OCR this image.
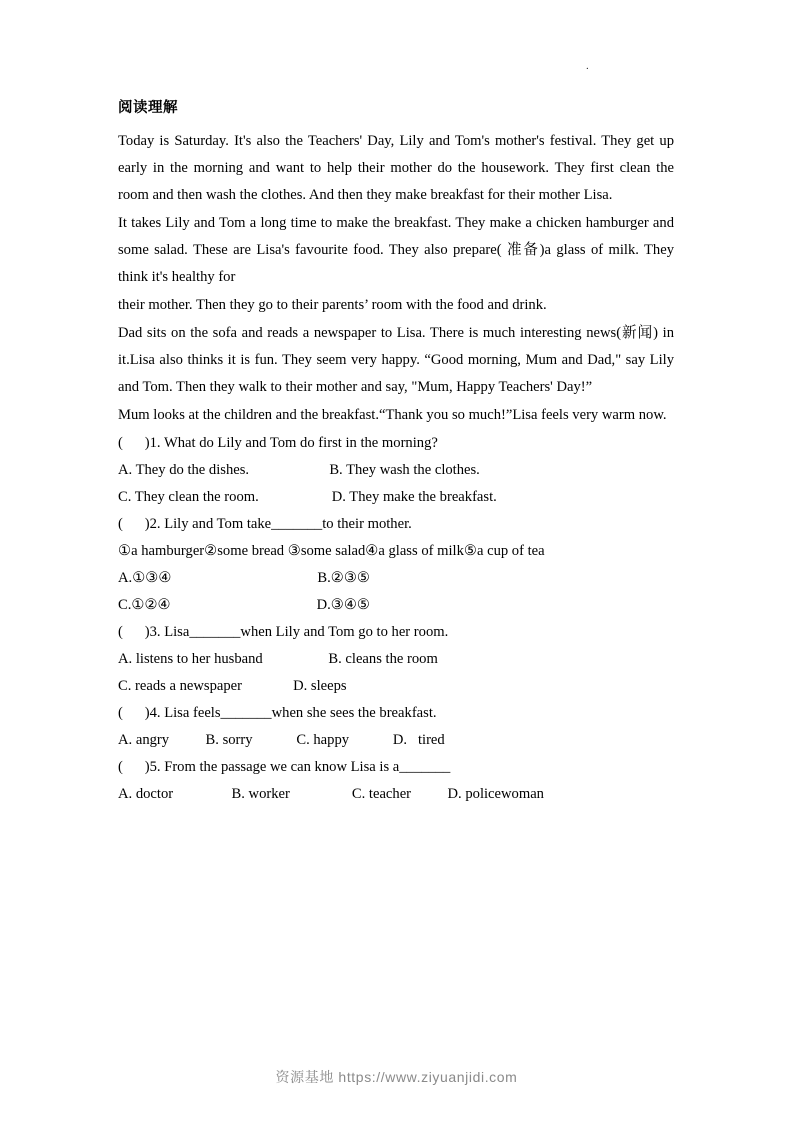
.
阅读理解

Today is Saturday. It's also the Teachers' Day, Lily and Tom's mother's festival. They get up early in the morning and want to help their mother do the housework. They first clean the room and then wash the clothes. And then they make breakfast for their mother Lisa.

It takes Lily and Tom a long time to make the breakfast. They make a chicken hamburger and some salad. These are Lisa's favourite food. They also prepare( 准备)a glass of milk. They think it's healthy for

their mother. Then they go to their parents’ room with the food and drink.

Dad sits on the sofa and reads a newspaper to Lisa. There is much interesting news(新闻) in it.Lisa also thinks it is fun. They seem very happy. “Good morning, Mum and Dad," say Lily and Tom. Then they walk to their mother and say, "Mum, Happy Teachers' Day!”

Mum looks at the children and the breakfast.“Thank you so much!”Lisa feels very warm now.

(      )1. What do Lily and Tom do first in the morning?
A. They do the dishes.                      B. They wash the clothes.
C. They clean the room.                    D. They make the breakfast.
(      )2. Lily and Tom take_______to their mother.
①a hamburger②some bread ③some salad④a glass of milk⑤a cup of tea
A.①③④                                        B.②③⑤
C.①②④                                        D.③④⑤
(      )3. Lisa_______when Lily and Tom go to her room.
A. listens to her husband                  B. cleans the room
C. reads a newspaper              D. sleeps
(      )4. Lisa feels_______when she sees the breakfast.
A. angry          B. sorry            C. happy            D.   tired
(      )5. From the passage we can know Lisa is a_______
A. doctor                B. worker                 C. teacher          D. policewoman
资源基地 https://www.ziyuanjidi.com
